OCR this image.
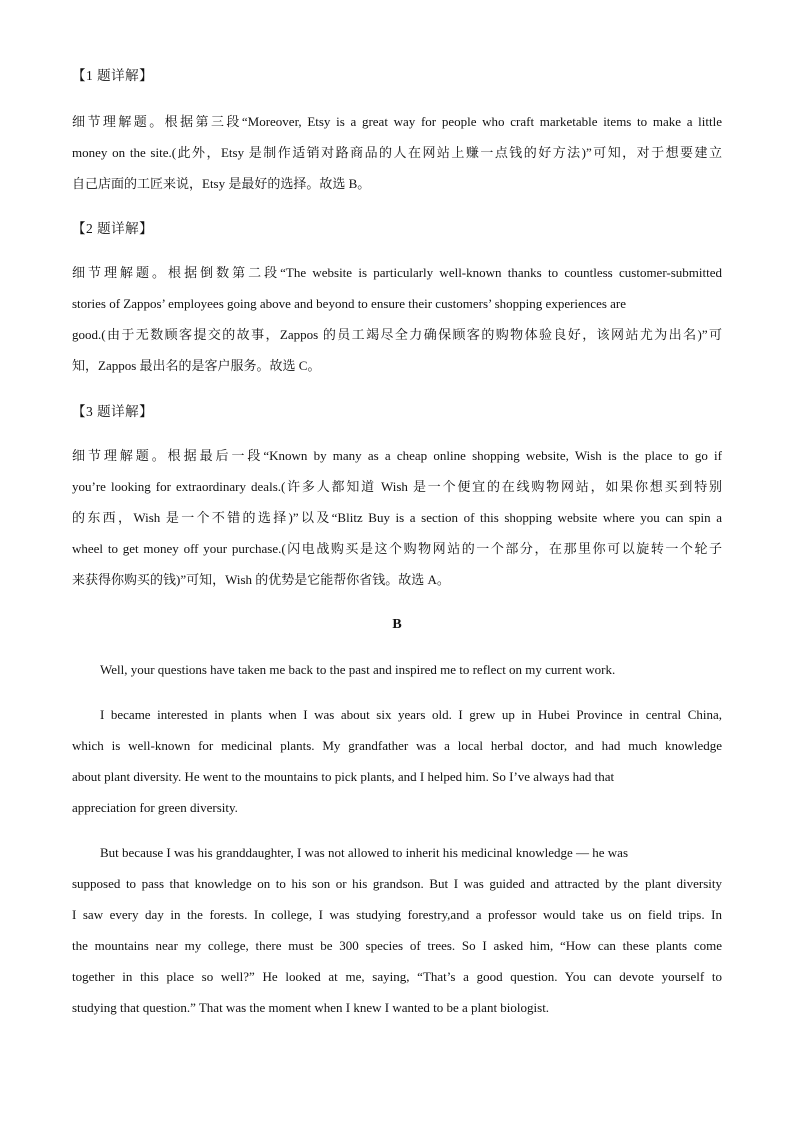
【1 题详解】
细节理解题。根据第三段“Moreover, Etsy is a great way for people who craft marketable items to make a little
money on the site.(此外，Etsy 是制作适销对路商品的人在网站上赚一点钱的好方法)”可知，对于想要建立
自己店面的工匠来说，Etsy 是最好的选择。故选 B。
【2 题详解】
细节理解题。根据倒数第二段“The website is particularly well-known thanks to countless customer-submitted
stories of Zappos’ employees going above and beyond to ensure their customers’ shopping experiences are
good.(由于无数顾客提交的故事，Zappos 的员工竭尽全力确保顾客的购物体验良好，该网站尤为出名)”可
知，Zappos 最出名的是客户服务。故选 C。
【3 题详解】
细节理解题。根据最后一段“Known by many as a cheap online shopping website, Wish is the place to go if
you’re looking for extraordinary deals.(许多人都知道 Wish 是一个便宜的在线购物网站，如果你想买到特别
的东西，Wish 是一个不错的选择)”以及“Blitz Buy is a section of this shopping website where you can spin a
wheel to get money off your purchase.(闪电战购买是这个购物网站的一个部分，在那里你可以旋转一个轮子
来获得你购买的钱)”可知，Wish 的优势是它能帮你省钱。故选 A。
B
Well, your questions have taken me back to the past and inspired me to reflect on my current work.
I became interested in plants when I was about six years old. I grew up in Hubei Province in central China,
which is well-known for medicinal plants. My grandfather was a local herbal doctor, and had much knowledge
about plant diversity. He went to the mountains to pick plants, and I helped him. So I’ve always had that
appreciation for green diversity.
But because I was his granddaughter, I was not allowed to inherit his medicinal knowledge — he was
supposed to pass that knowledge on to his son or his grandson. But I was guided and attracted by the plant diversity
I saw every day in the forests. In college, I was studying forestry,and a professor would take us on field trips. In
the mountains near my college, there must be 300 species of trees. So I asked him, “How can these plants come
together in this place so well?” He looked at me, saying, “That’s a good question. You can devote yourself to
studying that question.” That was the moment when I knew I wanted to be a plant biologist.
